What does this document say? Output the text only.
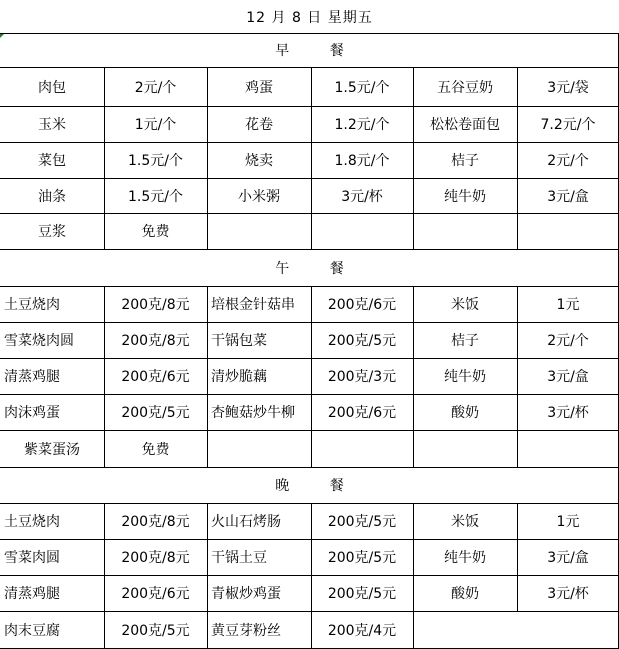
12 月 8 日 星期五
早 餐
肉包	2元/个	鸡蛋	1.5元/个	五谷豆奶	3元/袋
玉米	1元/个	花卷	1.2元/个	松松卷面包	7.2元/个
菜包	1.5元/个	烧卖	1.8元/个	桔子	2元/个
油条	1.5元/个	小米粥	3元/杯	纯牛奶	3元/盒
豆浆	免费
午 餐
土豆烧肉	200克/8元	培根金针菇串	200克/6元	米饭	1元
雪菜烧肉圆	200克/8元	干锅包菜	200克/5元	桔子	2元/个
清蒸鸡腿	200克/6元	清炒脆藕	200克/3元	纯牛奶	3元/盒
肉沫鸡蛋	200克/5元	杏鲍菇炒牛柳	200克/6元	酸奶	3元/杯
紫菜蛋汤	免费
晚 餐
土豆烧肉	200克/8元	火山石烤肠	200克/5元	米饭	1元
雪菜肉圆	200克/8元	干锅土豆	200克/5元	纯牛奶	3元/盒
清蒸鸡腿	200克/6元	青椒炒鸡蛋	200克/5元	酸奶	3元/杯
肉末豆腐	200克/5元	黄豆芽粉丝	200克/4元
